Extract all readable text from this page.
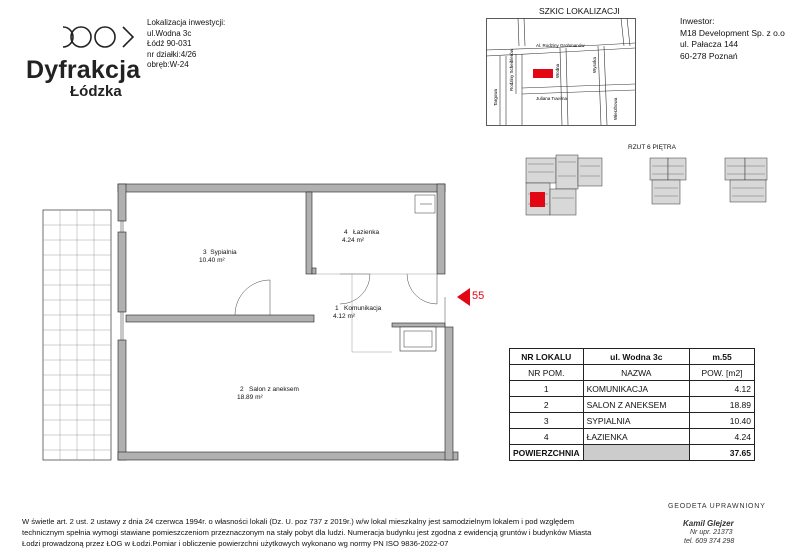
Dyfrakcja
Łódzka
Lokalizacja inwestycji:
ul.Wodna 3c
Łódź 90-031
nr działki:4/26
obręb:W-24
SZKIC LOKALIZACJI
Al. Rodziny Grohmanów
Targowa
Rodziny Scheiblerów	Wodna	Wysoka
Juliana Tuwima	Wierzbowa
Inwestor:
M18 Development Sp. z o.o
ul. Pałacza 144
60-278 Poznań
RZUT 6 PIĘTRA
3 Sypialnia
10.40 m²
4 Łazienka
4.24 m²
1 Komunikacja
4.12 m²
2 Salon z aneksem
18.89 m²
55
NR LOKALU	ul. Wodna 3c	m.55
NR POM.	NAZWA	POW. [m2]
1	KOMUNIKACJA	4.12
2	SALON Z ANEKSEM	18.89
3	SYPIALNIA	10.40
4	ŁAZIENKA	4.24
POWIERZCHNIA		37.65
W świetle art. 2 ust. 2 ustawy z dnia 24 czerwca 1994r. o własności lokali (Dz. U. poz 737 z 2019r.) w/w lokal mieszkalny jest samodzielnym lokalem i pod względem
technicznym spełnia wymogi stawiane pomieszczeniom przeznaczonym na stały pobyt dla ludzi. Numeracja budynku jest zgodna z ewidencją gruntów i budynków Miasta
Łodzi prowadzoną przez ŁOG w Łodzi.Pomiar i obliczenie powierzchni użytkowych wykonano wg normy PN ISO 9836-2022-07
GEODETA UPRAWNIONY
Kamil Glejzer
Nr upr. 21373
tel. 609 374 298
